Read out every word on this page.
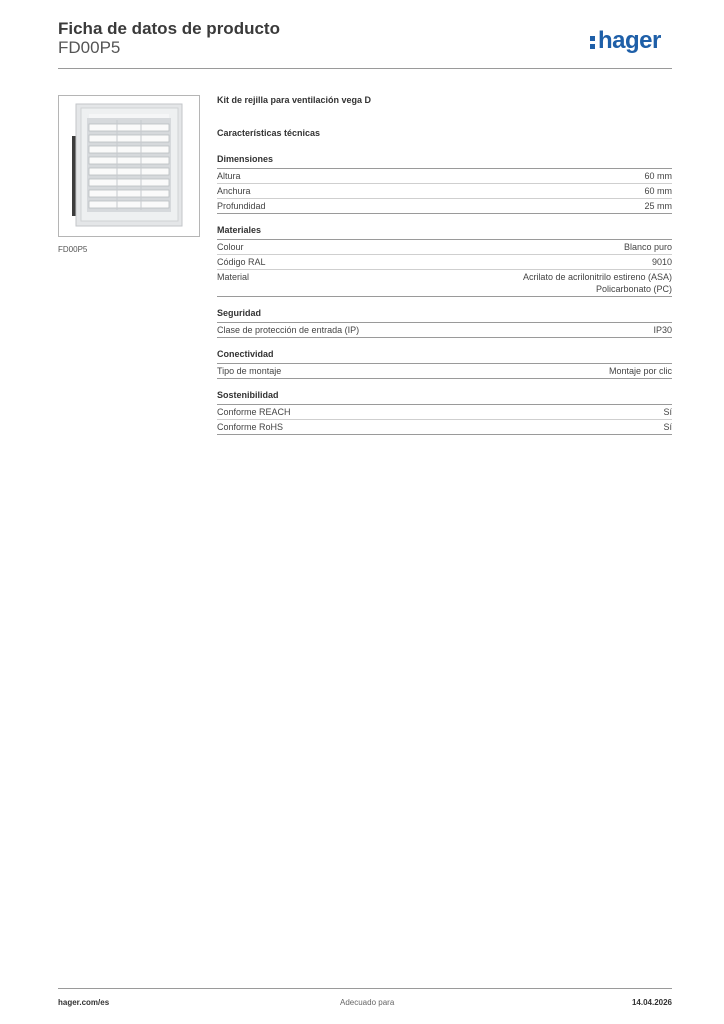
Ficha de datos de producto
FD00P5	hager
FD00P5
Kit de rejilla para ventilación vega D
Características técnicas
Dimensiones
Altura	60 mm
Anchura	60 mm
Profundidad	25 mm
Materiales
Colour	Blanco puro
Código RAL	9010
Material	Acrilato de acrilonitrilo estireno (ASA)
Policarbonato (PC)
Seguridad
Clase de protección de entrada (IP)	IP30
Conectividad
Tipo de montaje	Montaje por clic
Sostenibilidad
Conforme REACH	Sí
Conforme RoHS	Sí
hager.com/es	Adecuado para	14.04.2026
